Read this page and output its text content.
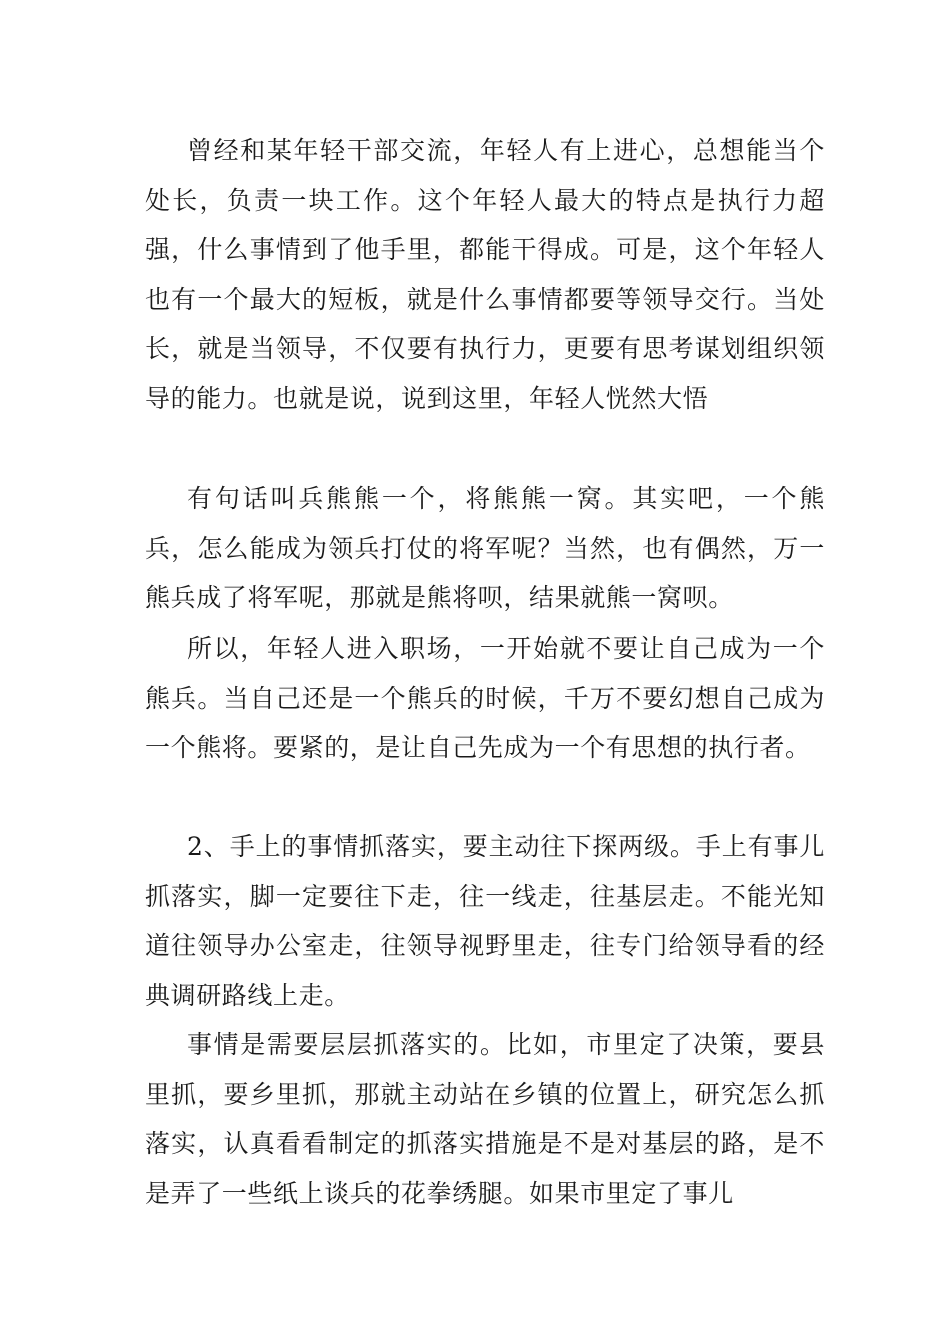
曾经和某年轻干部交流，年轻人有上进心，总想能当个处长，负责一块工作。这个年轻人最大的特点是执行力超强，什么事情到了他手里，都能干得成。可是，这个年轻人也有一个最大的短板，就是什么事情都要等领导交行。当处长，就是当领导，不仅要有执行力，更要有思考谋划组织领导的能力。也就是说，说到这里，年轻人恍然大悟

有句话叫兵熊熊一个，将熊熊一窝。其实吧，一个熊兵，怎么能成为领兵打仗的将军呢？当然，也有偶然，万一熊兵成了将军呢，那就是熊将呗，结果就熊一窝呗。

所以，年轻人进入职场，一开始就不要让自己成为一个熊兵。当自己还是一个熊兵的时候，千万不要幻想自己成为一个熊将。要紧的，是让自己先成为一个有思想的执行者。

2、手上的事情抓落实，要主动往下探两级。手上有事儿抓落实，脚一定要往下走，往一线走，往基层走。不能光知道往领导办公室走，往领导视野里走，往专门给领导看的经典调研路线上走。

事情是需要层层抓落实的。比如，市里定了决策，要县里抓，要乡里抓，那就主动站在乡镇的位置上，研究怎么抓落实，认真看看制定的抓落实措施是不是对基层的路，是不是弄了一些纸上谈兵的花拳绣腿。如果市里定了事儿
